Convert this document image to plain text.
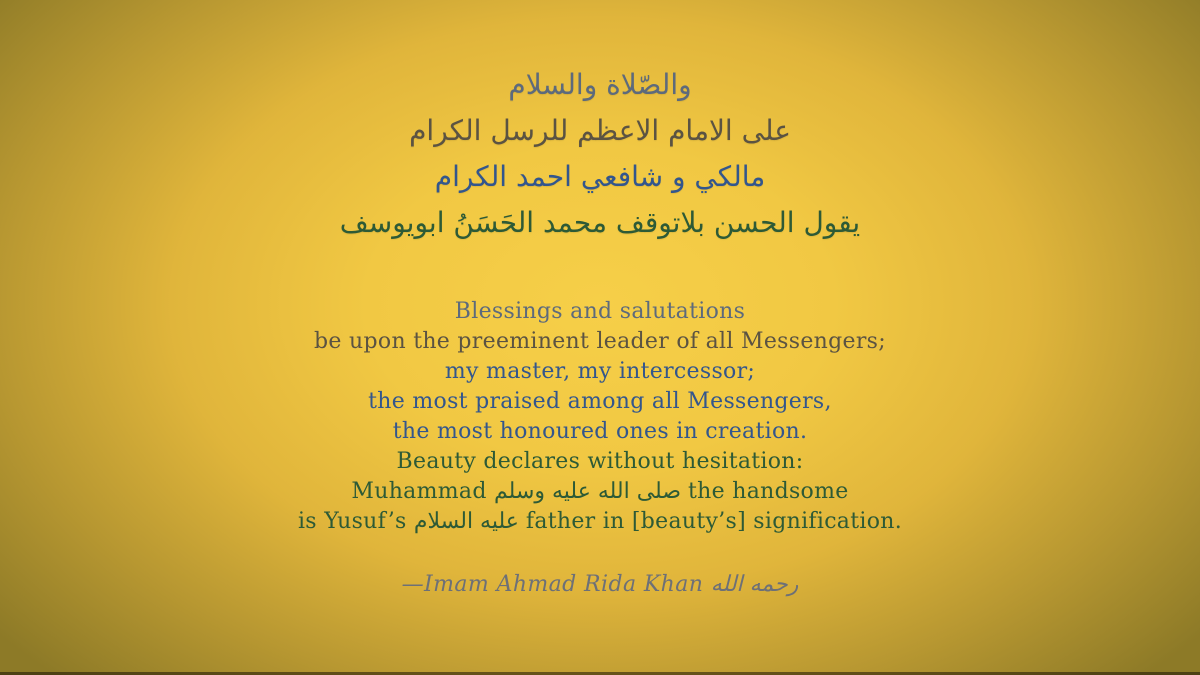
والصّلاة والسلام
على الامام الاعظم للرسل الكرام
مالكي و شافعي احمد الكرام
يقول الحسن بلاتوقف محمد الحَسَنُ ابويوسف
Blessings and salutations
be upon the preeminent leader of all Messengers;
my master, my intercessor;
the most praised among all Messengers,
the most honoured ones in creation.
Beauty declares without hesitation:
Muhammad صلى الله عليه وسلم the handsome
is Yusuf’s عليه السلام father in [beauty’s] signification.
—Imam Ahmad Rida Khan رحمه الله
